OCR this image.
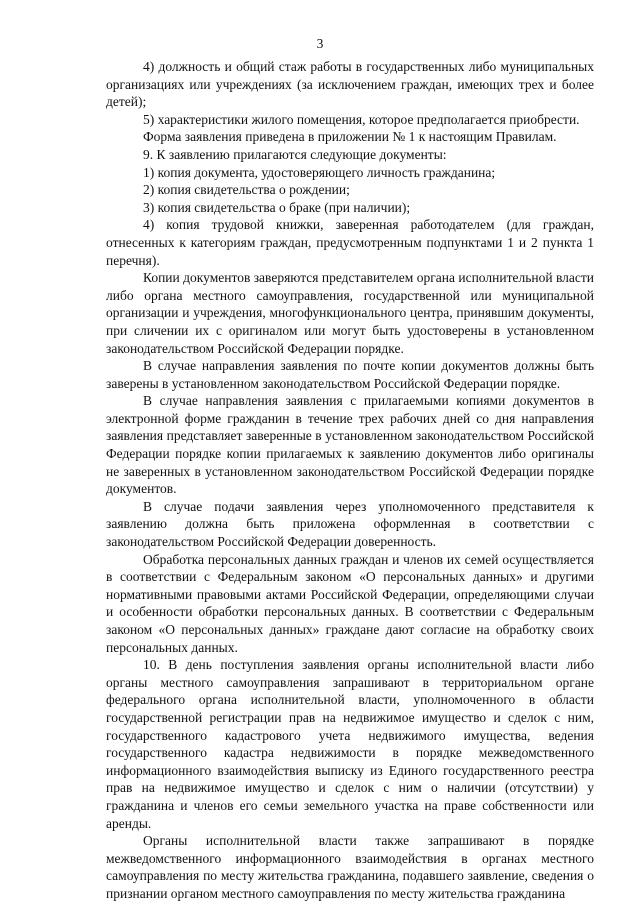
3

4) должность и общий стаж работы в государственных либо муниципальных организациях или учреждениях (за исключением граждан, имеющих трех и более детей);

5) характеристики жилого помещения, которое предполагается приобрести.

Форма заявления приведена в приложении № 1 к настоящим Правилам.

9. К заявлению прилагаются следующие документы:

1) копия документа, удостоверяющего личность гражданина;

2) копия свидетельства о рождении;

3) копия свидетельства о браке (при наличии);

4) копия трудовой книжки, заверенная работодателем (для граждан, отнесенных к категориям граждан, предусмотренным подпунктами 1 и 2 пункта 1 перечня).

Копии документов заверяются представителем органа исполнительной власти либо органа местного самоуправления, государственной или муниципальной организации и учреждения, многофункционального центра, принявшим документы, при сличении их с оригиналом или могут быть удостоверены в установленном законодательством Российской Федерации порядке.

В случае направления заявления по почте копии документов должны быть заверены в установленном законодательством Российской Федерации порядке.

В случае направления заявления с прилагаемыми копиями документов в электронной форме гражданин в течение трех рабочих дней со дня направления заявления представляет заверенные в установленном законодательством Российской Федерации порядке копии прилагаемых к заявлению документов либо оригиналы не заверенных в установленном законодательством Российской Федерации порядке документов.

В случае подачи заявления через уполномоченного представителя к заявлению должна быть приложена оформленная в соответствии с законодательством Российской Федерации доверенность.

Обработка персональных данных граждан и членов их семей осуществляется в соответствии с Федеральным законом «О персональных данных» и другими нормативными правовыми актами Российской Федерации, определяющими случаи и особенности обработки персональных данных. В соответствии с Федеральным законом «О персональных данных» граждане дают согласие на обработку своих персональных данных.

10. В день поступления заявления органы исполнительной власти либо органы местного самоуправления запрашивают в территориальном органе федерального органа исполнительной власти, уполномоченного в области государственной регистрации прав на недвижимое имущество и сделок с ним, государственного кадастрового учета недвижимого имущества, ведения государственного кадастра недвижимости в порядке межведомственного информационного взаимодействия выписку из Единого государственного реестра прав на недвижимое имущество и сделок с ним о наличии (отсутствии) у гражданина и членов его семьи земельного участка на праве собственности или аренды.

Органы исполнительной власти также запрашивают в порядке межведомственного информационного взаимодействия в органах местного самоуправления по месту жительства гражданина, подавшего заявление, сведения о признании органом местного самоуправления по месту жительства гражданина
